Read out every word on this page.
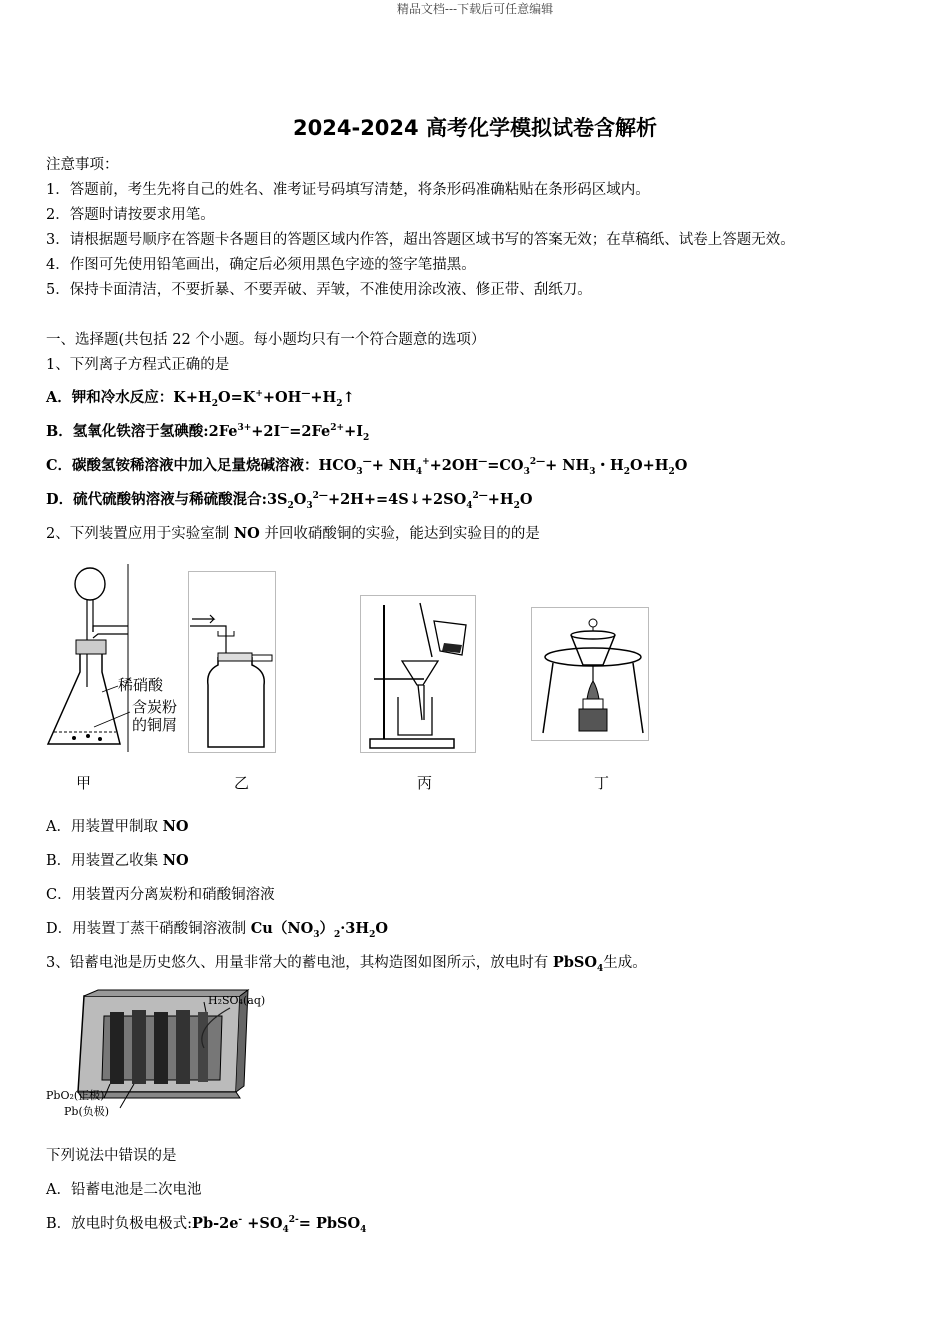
精品文档---下载后可任意编辑
2024-2024 高考化学模拟试卷含解析
注意事项：
1．答题前，考生先将自己的姓名、准考证号码填写清楚，将条形码准确粘贴在条形码区域内。
2．答题时请按要求用笔。
3．请根据题号顺序在答题卡各题目的答题区域内作答，超出答题区域书写的答案无效；在草稿纸、试卷上答题无效。
4．作图可先使用铅笔画出，确定后必须用黑色字迹的签字笔描黑。
5．保持卡面清洁，不要折暴、不要弄破、弄皱，不准使用涂改液、修正带、刮纸刀。
一、选择题(共包括 22 个小题。每小题均只有一个符合题意的选项）
1、下列离子方程式正确的是
A．钾和冷水反应：$K+H_2O=K^++OH^—+H_2↑$
B．氢氧化铁溶于氢碘酸$:2Fe^{3+}+2I^—=2Fe^{2+}+I_2$
C．碳酸氢铵稀溶液中加入足量烧碱溶液：$HCO_3^—+ NH_4^++2OH^—=CO_3^{2—}+ NH_3$・$H_2O+H_2O$
D．硫代硫酸钠溶液与稀硫酸混合$:3S_2O_3^{2—}+2H+=4S↓+2SO_4^{2—}+H_2O$
2、下列装置应用于实验室制 NO 并回收硝酸铜的实验，能达到实验目的的是
稀硝酸
含炭粉
的铜屑
甲	乙	丙	丁
A．用装置甲制取 NO
B．用装置乙收集 NO
C．用装置丙分离炭粉和硝酸铜溶液
D．用装置丁蒸干硝酸铜溶液制 $Cu(NO_3)_2\cdot 3H_2O$
3、铅蓄电池是历史悠久、用量非常大的蓄电池，其构造图如图所示，放电时有 PbSO$_4$生成。
H₂SO₄(aq)
PbO₂(正极)
Pb(负极)
下列说法中错误的是
A．铅蓄电池是二次电池
B．放电时负极电极式:Pb-2e- $+SO_4^{2-}=$ PbSO$_4$
